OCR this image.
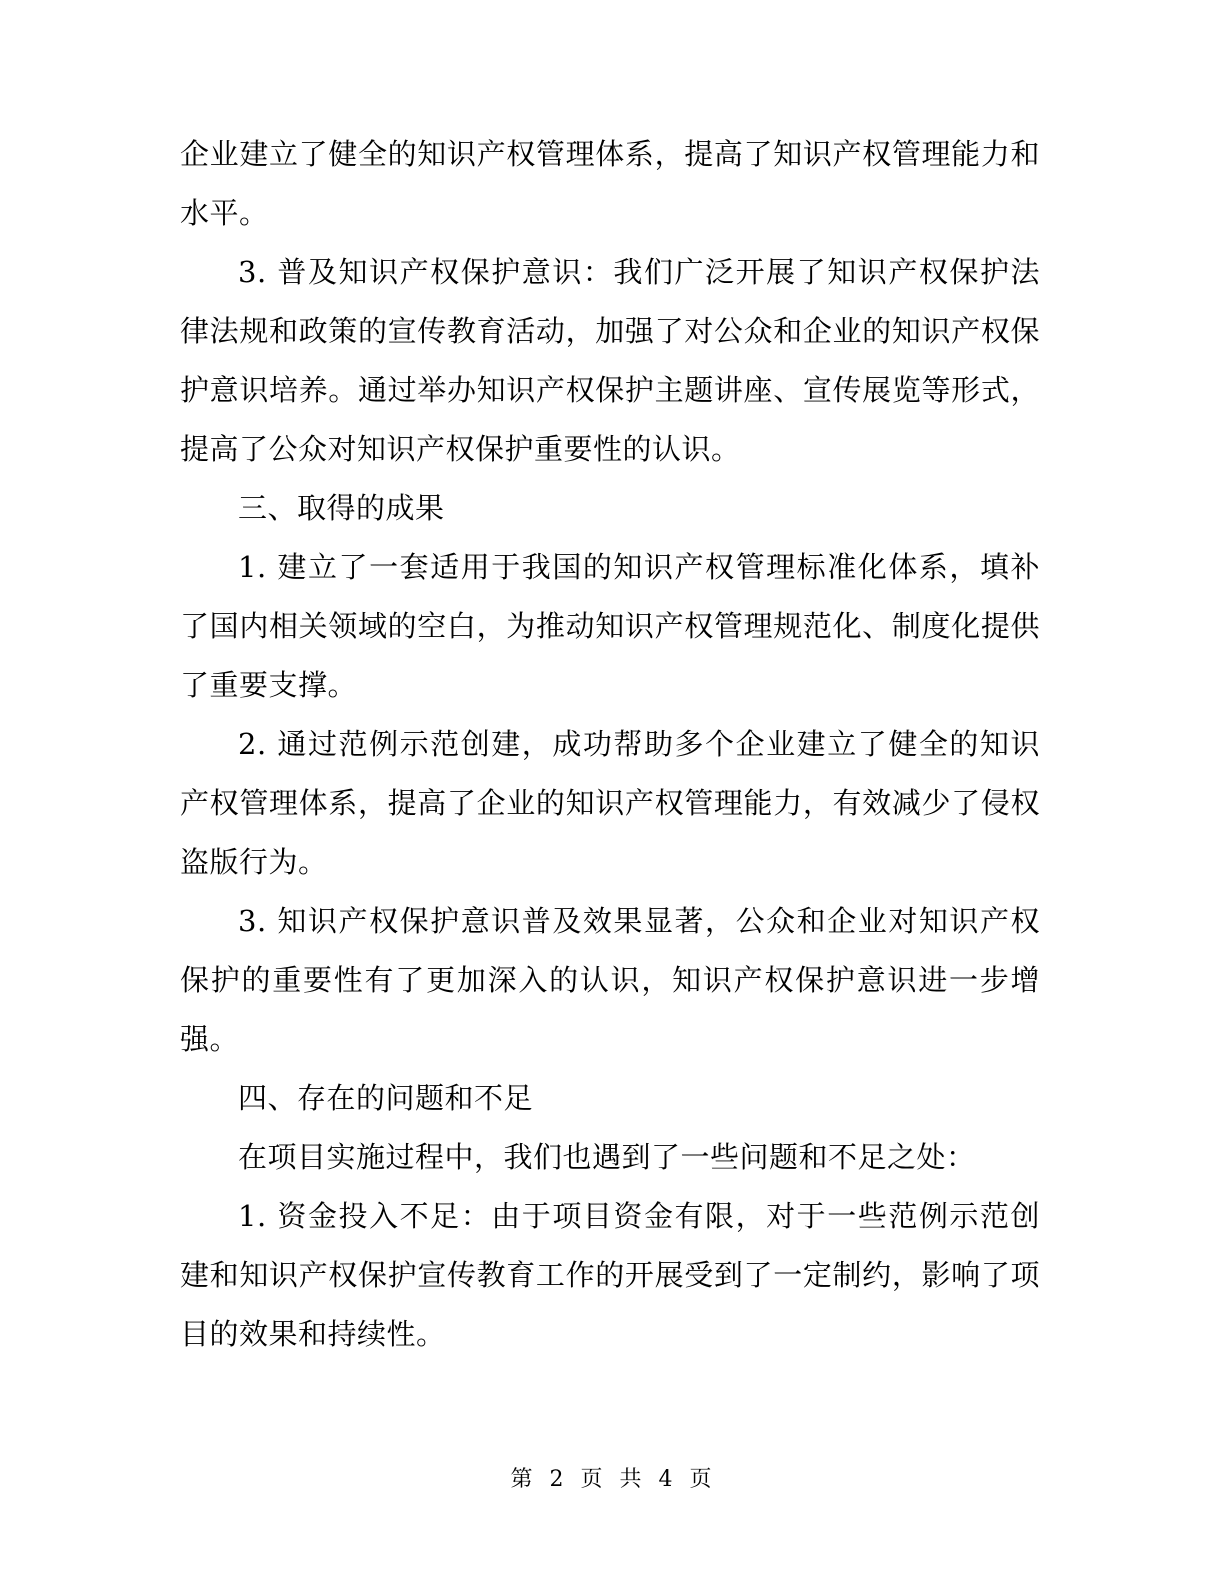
企业建立了健全的知识产权管理体系，提高了知识产权管理能力和水平。

3. 普及知识产权保护意识：我们广泛开展了知识产权保护法律法规和政策的宣传教育活动，加强了对公众和企业的知识产权保护意识培养。通过举办知识产权保护主题讲座、宣传展览等形式，提高了公众对知识产权保护重要性的认识。

三、取得的成果

1. 建立了一套适用于我国的知识产权管理标准化体系，填补了国内相关领域的空白，为推动知识产权管理规范化、制度化提供了重要支撑。

2. 通过范例示范创建，成功帮助多个企业建立了健全的知识产权管理体系，提高了企业的知识产权管理能力，有效减少了侵权盗版行为。

3. 知识产权保护意识普及效果显著，公众和企业对知识产权保护的重要性有了更加深入的认识，知识产权保护意识进一步增强。

四、存在的问题和不足

在项目实施过程中，我们也遇到了一些问题和不足之处：

1. 资金投入不足：由于项目资金有限，对于一些范例示范创建和知识产权保护宣传教育工作的开展受到了一定制约，影响了项目的效果和持续性。

第 2 页 共 4 页
